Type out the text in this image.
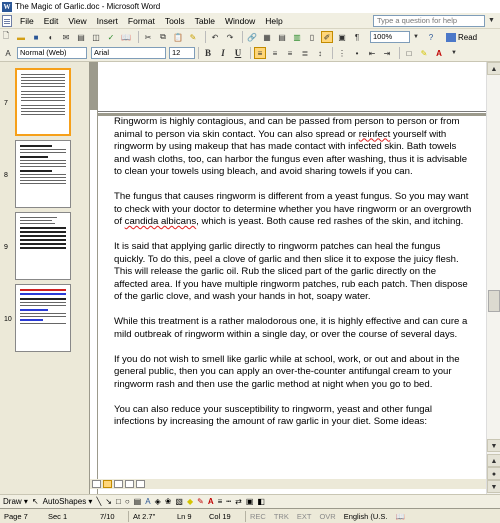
W The Magic of Garlic.doc - Microsoft Word
File	Edit	View	Insert	Format	Tools	Table	Window	Help	Type a question for help	▼
🗋 ▬	■	◐	✉ ▤ ◫ ✓ 📖	✂	⧉ 📋 ✎	↶	↷	🔗 ▦ ▤ ▥	▯	✐ ▣	¶	100%	▼	?	Read
A	Normal (Web)	Arial	12	B	I	U	≡	≡	≡	≣	↕	⋮	•	⇤	⇥	□	✎	A	▼
7
8
9
10

Ringworm is highly contagious, and can be passed from person to person or from animal to person via skin contact. You can also spread or reinfect yourself with ringworm by using makeup that has made contact with infected skin. Bath towels and wash cloths, too, can harbor the fungus even after washing, thus it is advisable to clean your towels using bleach, and avoid sharing towels if you can.

The fungus that causes ringworm is different from a yeast fungus. So you may want to check with your doctor to determine whether you have ringworm or an overgrowth of candida albicans, which is yeast. Both cause red rashes of the skin, and itching.

It is said that applying garlic directly to ringworm patches can heal the fungus quickly. To do this, peel a clove of garlic and then slice it to expose the juicy flesh. This will release the garlic oil. Rub the sliced part of the garlic directly on the affected area. If you have multiple ringworm patches, rub each patch. Then dispose of the garlic clove, and wash your hands in hot, soapy water.

While this treatment is a rather malodorous one, it is highly effective and can cure a mild outbreak of ringworm within a single day, or over the course of several days.

If you do not wish to smell like garlic while at school, work, or out and about in the general public, then you can apply an over-the-counter antifungal cream to your ringworm rash and then use the garlic method at night when you go to bed.

You can also reduce your susceptibility to ringworm, yeast and other fungal infections by increasing the amount of raw garlic in your diet. Some ideas:

▲
▼
▲
●
▼
Draw ▾ ↖ AutoShapes ▾ ╲ ↘ □ ○ ▤ A ◈ ❀ ▧ ◆ ✎ A ≡ ┅ ⇄ ▣ ◧
Page 7	Sec 1	7/10	At 2.7"	Ln 9	Col 19	REC	TRK	EXT	OVR	English (U.S.	📖
